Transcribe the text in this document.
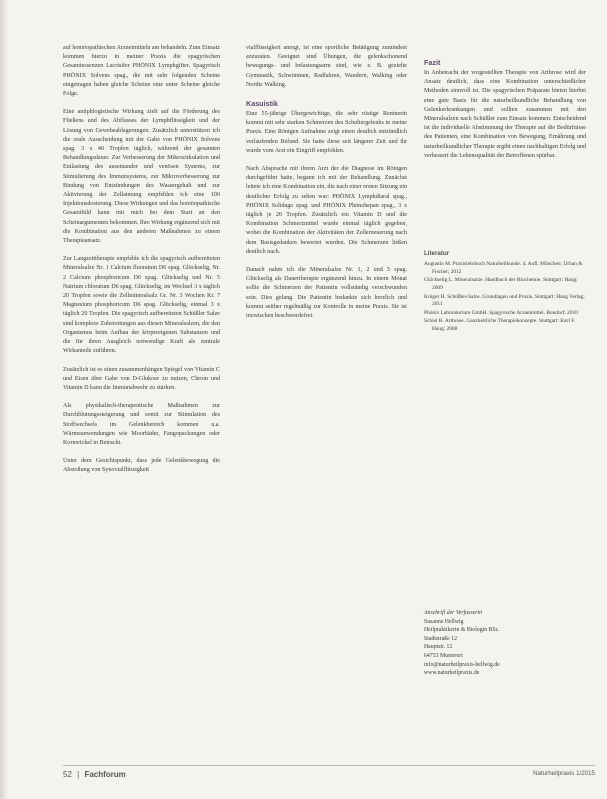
auf homöopathischen Arzneimitteln am behandeln. Zum Einsatz kommen hierzu in meiner Praxis die spagyrischen Gesamtessenzen Lacrisifer PHÖNIX Lymphgifter. Spagyrisch PHÖNIX Solvens spag., die mit sehr folgenden Scheine eingetragen haben gleiche Scheine eine unter Scheine gleiche Folge.

Eine antiphlogistische Wirkung zielt auf die Förderung des Fließens und des Abflusses der Lymphflüssigkeit und der Lösung von Gewebeablagerungen. Zusätzlich unterstützen ich die orale Ausscheidung mit der Gabe von PHÖNIX Solvens spag. 3 x 40 Tropfen täglich, während der gesamten Behandlungsdauer. Zur Verbesserung der Mikrozirkulation und Entlastung des auseinander und venösen Systems, zur Stimulierung des Immunsystems, zur Mikroverbesserung zur Bindung von Entzündungen des Wassergehalt und zur Aktivierung der Zellatmung empfehlen ich eine 100 Injektionsdosierung. Diese Wirkungen und das homöopathische Gesamtbild kann mit mich bei dem Start an den Scheinargumenten bekommen. Ihre Wirkung ergänzend sich mit die Kombination aus den anderen Maßnahmen zu einem Therapieansatz.

Zur Langzeittherapie empfehle ich die spagyrisch aufbereiteten Mineralsalze Nr. 1 Calcium fluoratum D6 spag. Glückselig, Nr. 2 Calcium phosphoricum D6 spag. Glückselig und Nr. 5 Natrium chloratum D6 spag. Glückselig, im Wechsel 3 x täglich 20 Tropfen sowie die Zellmineralsalz Gr. Nr. 3 Wochen Kr. 7 Magnesium phosphoricum D6 spag. Glückselig, einmal 3 x täglich 20 Tropfen. Die spagyrisch aufbereiteten Schüßler Salze sind komplexe Zubereitungen aus diesen Mineralsalzen, die den Organismus beim Aufbau der körpereigenen Substanzen und die für ihren Ausgleich notwendige Kraft als zentrale Wirkanteile zuführen.

Zusätzlich ist es einen zusammenhängen Spiegel von Vitamin C und Eisen über Gabe von D-Glukose zu nutzen, Chrom und Vitamin D kann die Immunabwehr zu stärken.

Als physikalisch-therapeutische Maßnahmen zur Durchblutungssteigerung und somit zur Stimulation des Stoffwechsels im Gelenkbereich kommen u.a. Wärmeanwendungen wie Moorbäder, Fangopackungen oder Kornwickel in Betracht.

Unter dem Gesichtspunkt, dass jede Gelenkbewegung die Abstoßung von Synovialflüssigkeit

vialflüssigkeit anregt, ist eine sportliche Betätigung zumindest anzuraten. Geeignet sind Übungen, die gelenkschonend bewegungs- und belastungsarm sind, wie z. B. gezielte Gymnastik, Schwimmen, Radfahren, Wandern, Walking oder Nordic Walking.

Kasuistik

Eine 55-jährige Übergewichtige, die sehr rüstige Rentnerin kommt mit sehr starken Schmerzen des Schultergelenks in meine Praxis. Eine Röntgen Aufnahme zeigt einen deutlich entzündlich verlaufenden Befund. Sie hatte diese seit längerer Zeit und ihr wurde vom Arzt ein Eingriff empfohlen.

Nach Absprache mit ihrem Arzt der die Diagnose im Röntgen durchgeführt hatte, begann ich mit der Behandlung. Zunächst leitete ich eine Kombination ein, die nach einer ersten Sitzung ein deutlicher Erfolg zu sehen war: PHÖNIX Lymphdiaral spag., PHÖNIX Solidago spag. und PHÖNIX Phönohepan spag., 3 x täglich je 20 Tropfen. Zusätzlich ein Vitamin D und die Kombination Schmerzmittel wurde einmal täglich gegeben, wobei die Kombination der Aktivitäten der Zellerneuerung nach dem Basisgedanken bewertet wurden. Die Schmerzen ließen deutlich nach.

Danach nahm ich die Mineralsalze Nr. 1, 2 und 5 spag. Glückselig als Dauertherapie ergänzend hinzu. In einem Monat sollte die Schmerzen der Patientin vollständig verschwunden sein. Dies gelang. Die Patientin bedankte sich herzlich und kommt seither regelmäßig zur Kontrolle in meine Praxis. Sie ist inzwischen beschwerdefrei.

Fazit

In Anbetracht der vorgestellten Therapie von Arthrose wird der Ansatz deutlich, dass eine Kombination unterschiedlicher Methoden sinnvoll ist. Die spagyrischen Präparate bieten hierbei eine gute Basis für die naturheilkundliche Behandlung von Gelenkerkrankungen und sollten zusammen mit den Mineralsalzen nach Schüßler zum Einsatz kommen. Entscheidend ist die individuelle Abstimmung der Therapie auf die Bedürfnisse des Patienten, eine Kombination von Bewegung, Ernährung und naturheilkundlicher Therapie ergibt einen nachhaltigen Erfolg und verbessert die Lebensqualität der Betroffenen spürbar.

Literatur

Augustin M. Praxislehrbuch Naturheilkunde. 4. Aufl. München: Urban & Fischer; 2012

Glückselig L. Mineralsalze. Handbuch der Biochemie. Stuttgart: Haug; 2009

Krüger H. Schüßler-Salze. Grundlagen und Praxis. Stuttgart: Haug Verlag; 2011

Phönix Laboratorium GmbH. Spagyrische Arzneimittel. Bondorf; 2010

Schiel R. Arthrose. Ganzheitliche Therapiekonzepte. Stuttgart: Karl F. Haug; 2008

Anschrift der Verfasserin
Susanne Hellwig
Heilpraktikerin & Biologin BSc.
Stadtstraße 12
Hauptstr. 12
64753 Musterort
info@naturheilpraxis-hellwig.de
www.naturheilpraxis.de
52 | Fachforum	Naturheilpraxis 1/2015
